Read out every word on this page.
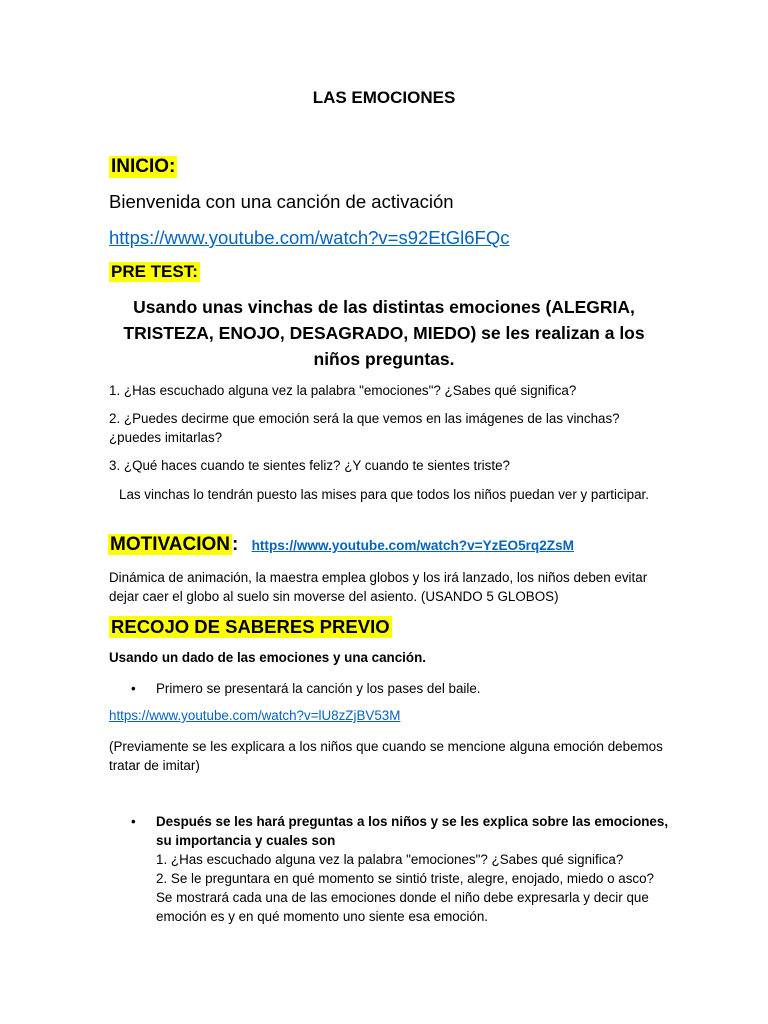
LAS EMOCIONES

INICIO:

Bienvenida con una canción de activación

https://www.youtube.com/watch?v=s92EtGl6FQc

PRE TEST:

Usando unas vinchas de las distintas emociones (ALEGRIA, TRISTEZA, ENOJO, DESAGRADO, MIEDO) se les realizan a los niños preguntas.

1. ¿Has escuchado alguna vez la palabra "emociones"? ¿Sabes qué significa?

2. ¿Puedes decirme que emoción será la que vemos en las imágenes de las vinchas? ¿puedes imitarlas?

3. ¿Qué haces cuando te sientes feliz? ¿Y cuando te sientes triste?

Las vinchas lo tendrán puesto las mises para que todos los niños puedan ver y participar.

MOTIVACION : https://www.youtube.com/watch?v=YzEO5rq2ZsM

Dinámica de animación, la maestra emplea globos y los irá lanzado, los niños deben evitar dejar caer el globo al suelo sin moverse del asiento. (USANDO 5 GLOBOS)

RECOJO DE SABERES PREVIO

Usando un dado de las emociones y una canción.

•	Primero se presentará la canción y los pases del baile.
https://www.youtube.com/watch?v=lU8zZjBV53M

(Previamente se les explicara a los niños que cuando se mencione alguna emoción debemos tratar de imitar)

•	Después se les hará preguntas a los niños y se les explica sobre las emociones, su importancia y cuales son
1. ¿Has escuchado alguna vez la palabra "emociones"? ¿Sabes qué significa?
2. Se le preguntara en qué momento se sintió triste, alegre, enojado, miedo o asco? Se mostrará cada una de las emociones donde el niño debe expresarla y decir que emoción es y en qué momento uno siente esa emoción.
